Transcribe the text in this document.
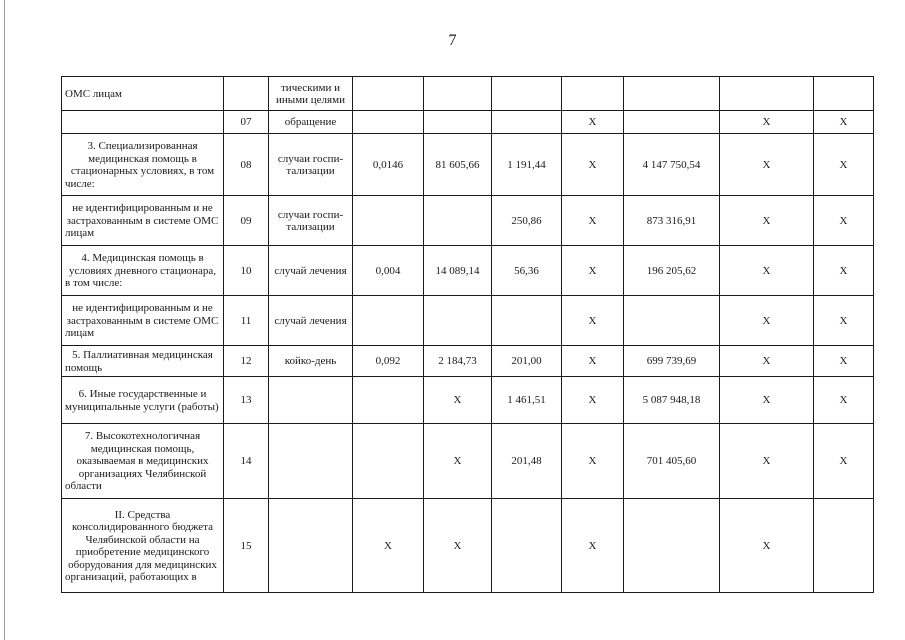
7
ОМС лицам		тическими и иными целями							
	07	обращение				Х		Х	Х
3. Специализированная медицинская помощь в стационарных условиях, в том числе:	08	случаи госпи-тализации	0,0146	81 605,66	1 191,44	Х	4 147 750,54	Х	Х
не идентифицированным и не застрахованным в системе ОМС лицам	09	случаи госпи-тализации			250,86	Х	873 316,91	Х	Х
4. Медицинская помощь в условиях дневного стационара, в том числе:	10	случай лечения	0,004	14 089,14	56,36	Х	196 205,62	Х	Х
не идентифицированным и не застрахованным в системе ОМС лицам	11	случай лечения				Х		Х	Х
5. Паллиативная медицинская помощь	12	койко-день	0,092	2 184,73	201,00	Х	699 739,69	Х	Х
6. Иные государственные и муниципальные услуги (работы)	13			Х	1 461,51	Х	5 087 948,18	Х	Х
7. Высокотехнологичная медицинская помощь, оказываемая в медицинских организациях Челябинской области	14			Х	201,48	Х	701 405,60	Х	Х
II. Средства консолидированного бюджета Челябинской области на приобретение медицинского оборудования для медицинских организаций, работающих в	15		Х	Х		Х		Х	
